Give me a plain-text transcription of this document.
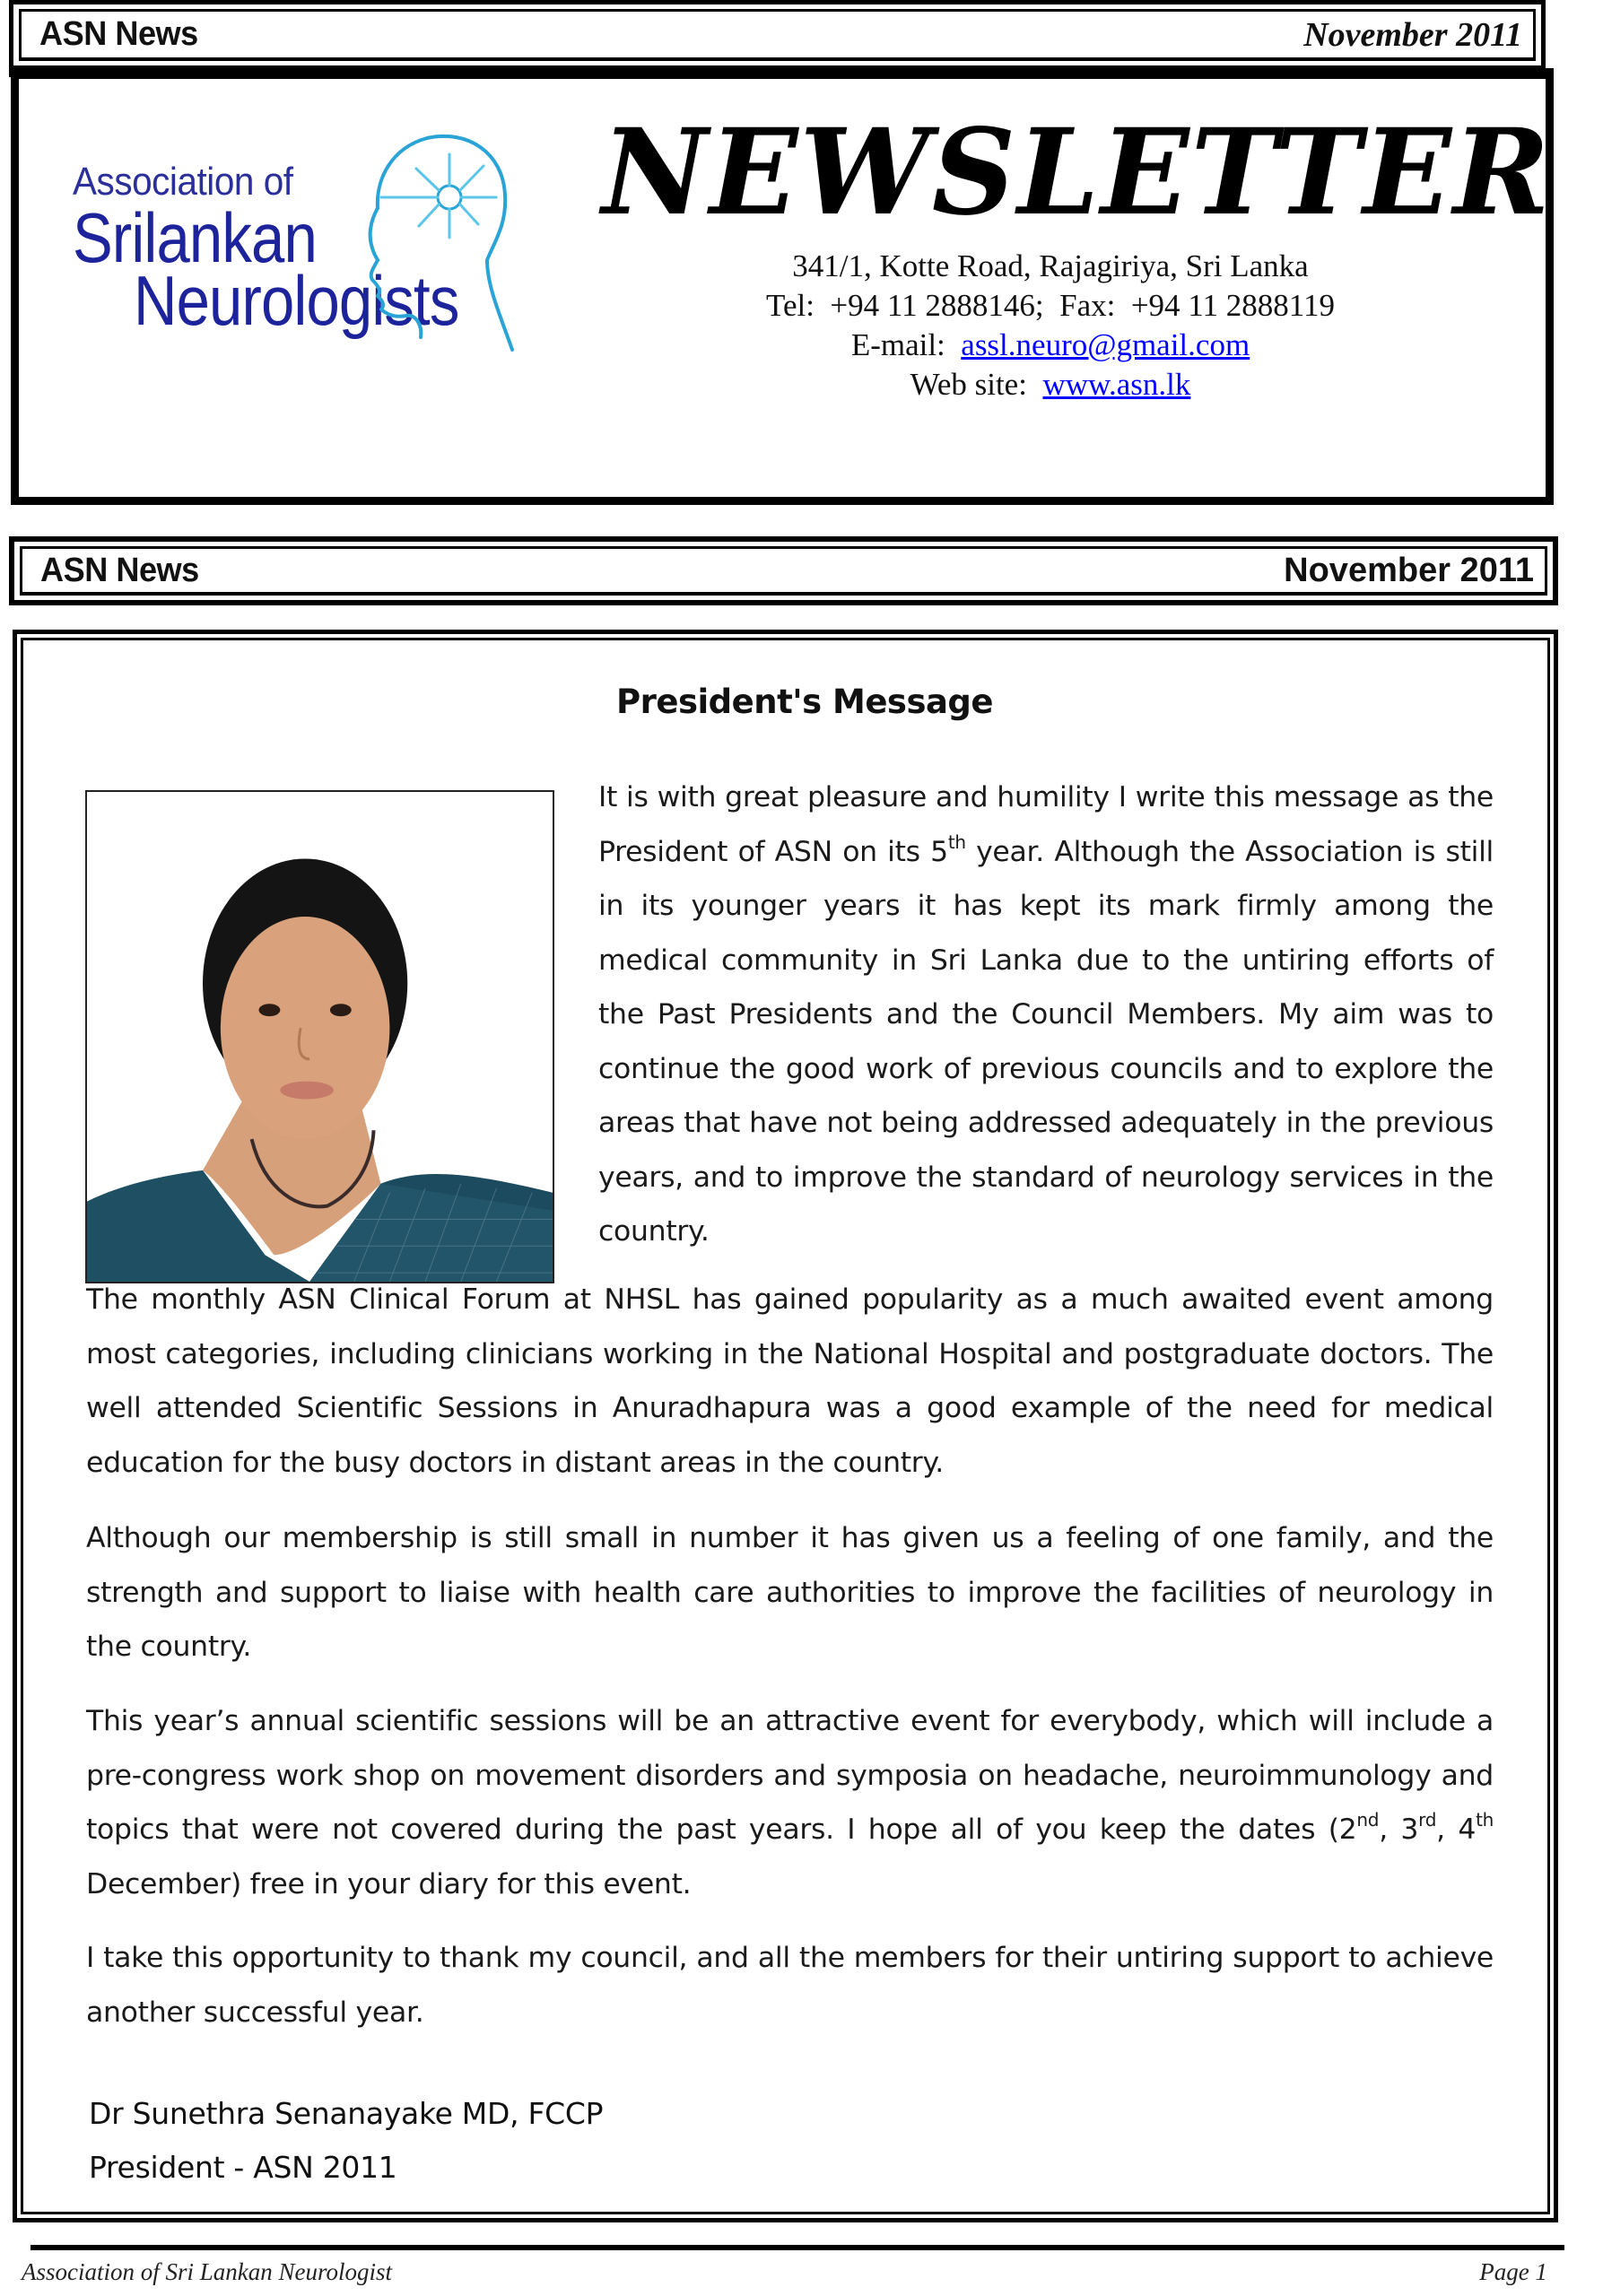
ASN News	November 2011
Association of
Srilankan
Neurologists
NEWSLETTER
341/1, Kotte Road, Rajagiriya, Sri Lanka
Tel:  +94 11 2888146;  Fax:  +94 11 2888119
E-mail: assl.neuro@gmail.com
Web site: www.asn.lk
ASN News	November 2011
President's Message
It is with great pleasure and humility I write this message as the President of ASN on its 5th year. Although the Association is still in its younger years it has kept its mark firmly among the medical community in Sri Lanka due to the untiring efforts of the Past Presidents and the Council Members. My aim was to continue the good work of previous councils and to explore the areas that have not being addressed adequately in the previous years, and to improve the standard of neurology services in the country.
The monthly ASN Clinical Forum at NHSL has gained popularity as a much awaited event among most categories, including clinicians working in the National Hospital and postgraduate doctors. The well attended Scientific Sessions in Anuradhapura was a good example of the need for medical education for the busy doctors in distant areas in the country.
Although our membership is still small in number it has given us a feeling of one family, and the strength and support to liaise with health care authorities to improve the facilities of neurology in the country.
This year’s annual scientific sessions will be an attractive event for everybody, which will include a pre-congress work shop on movement disorders and symposia on headache, neuroimmunology and topics that were not covered during the past years. I hope all of you keep the dates (2nd, 3rd, 4th December) free in your diary for this event.
I take this opportunity to thank my council, and all the members for their untiring support to achieve another successful year.
Dr Sunethra Senanayake MD, FCCP
President - ASN 2011
Association of Sri Lankan Neurologist	Page 1
